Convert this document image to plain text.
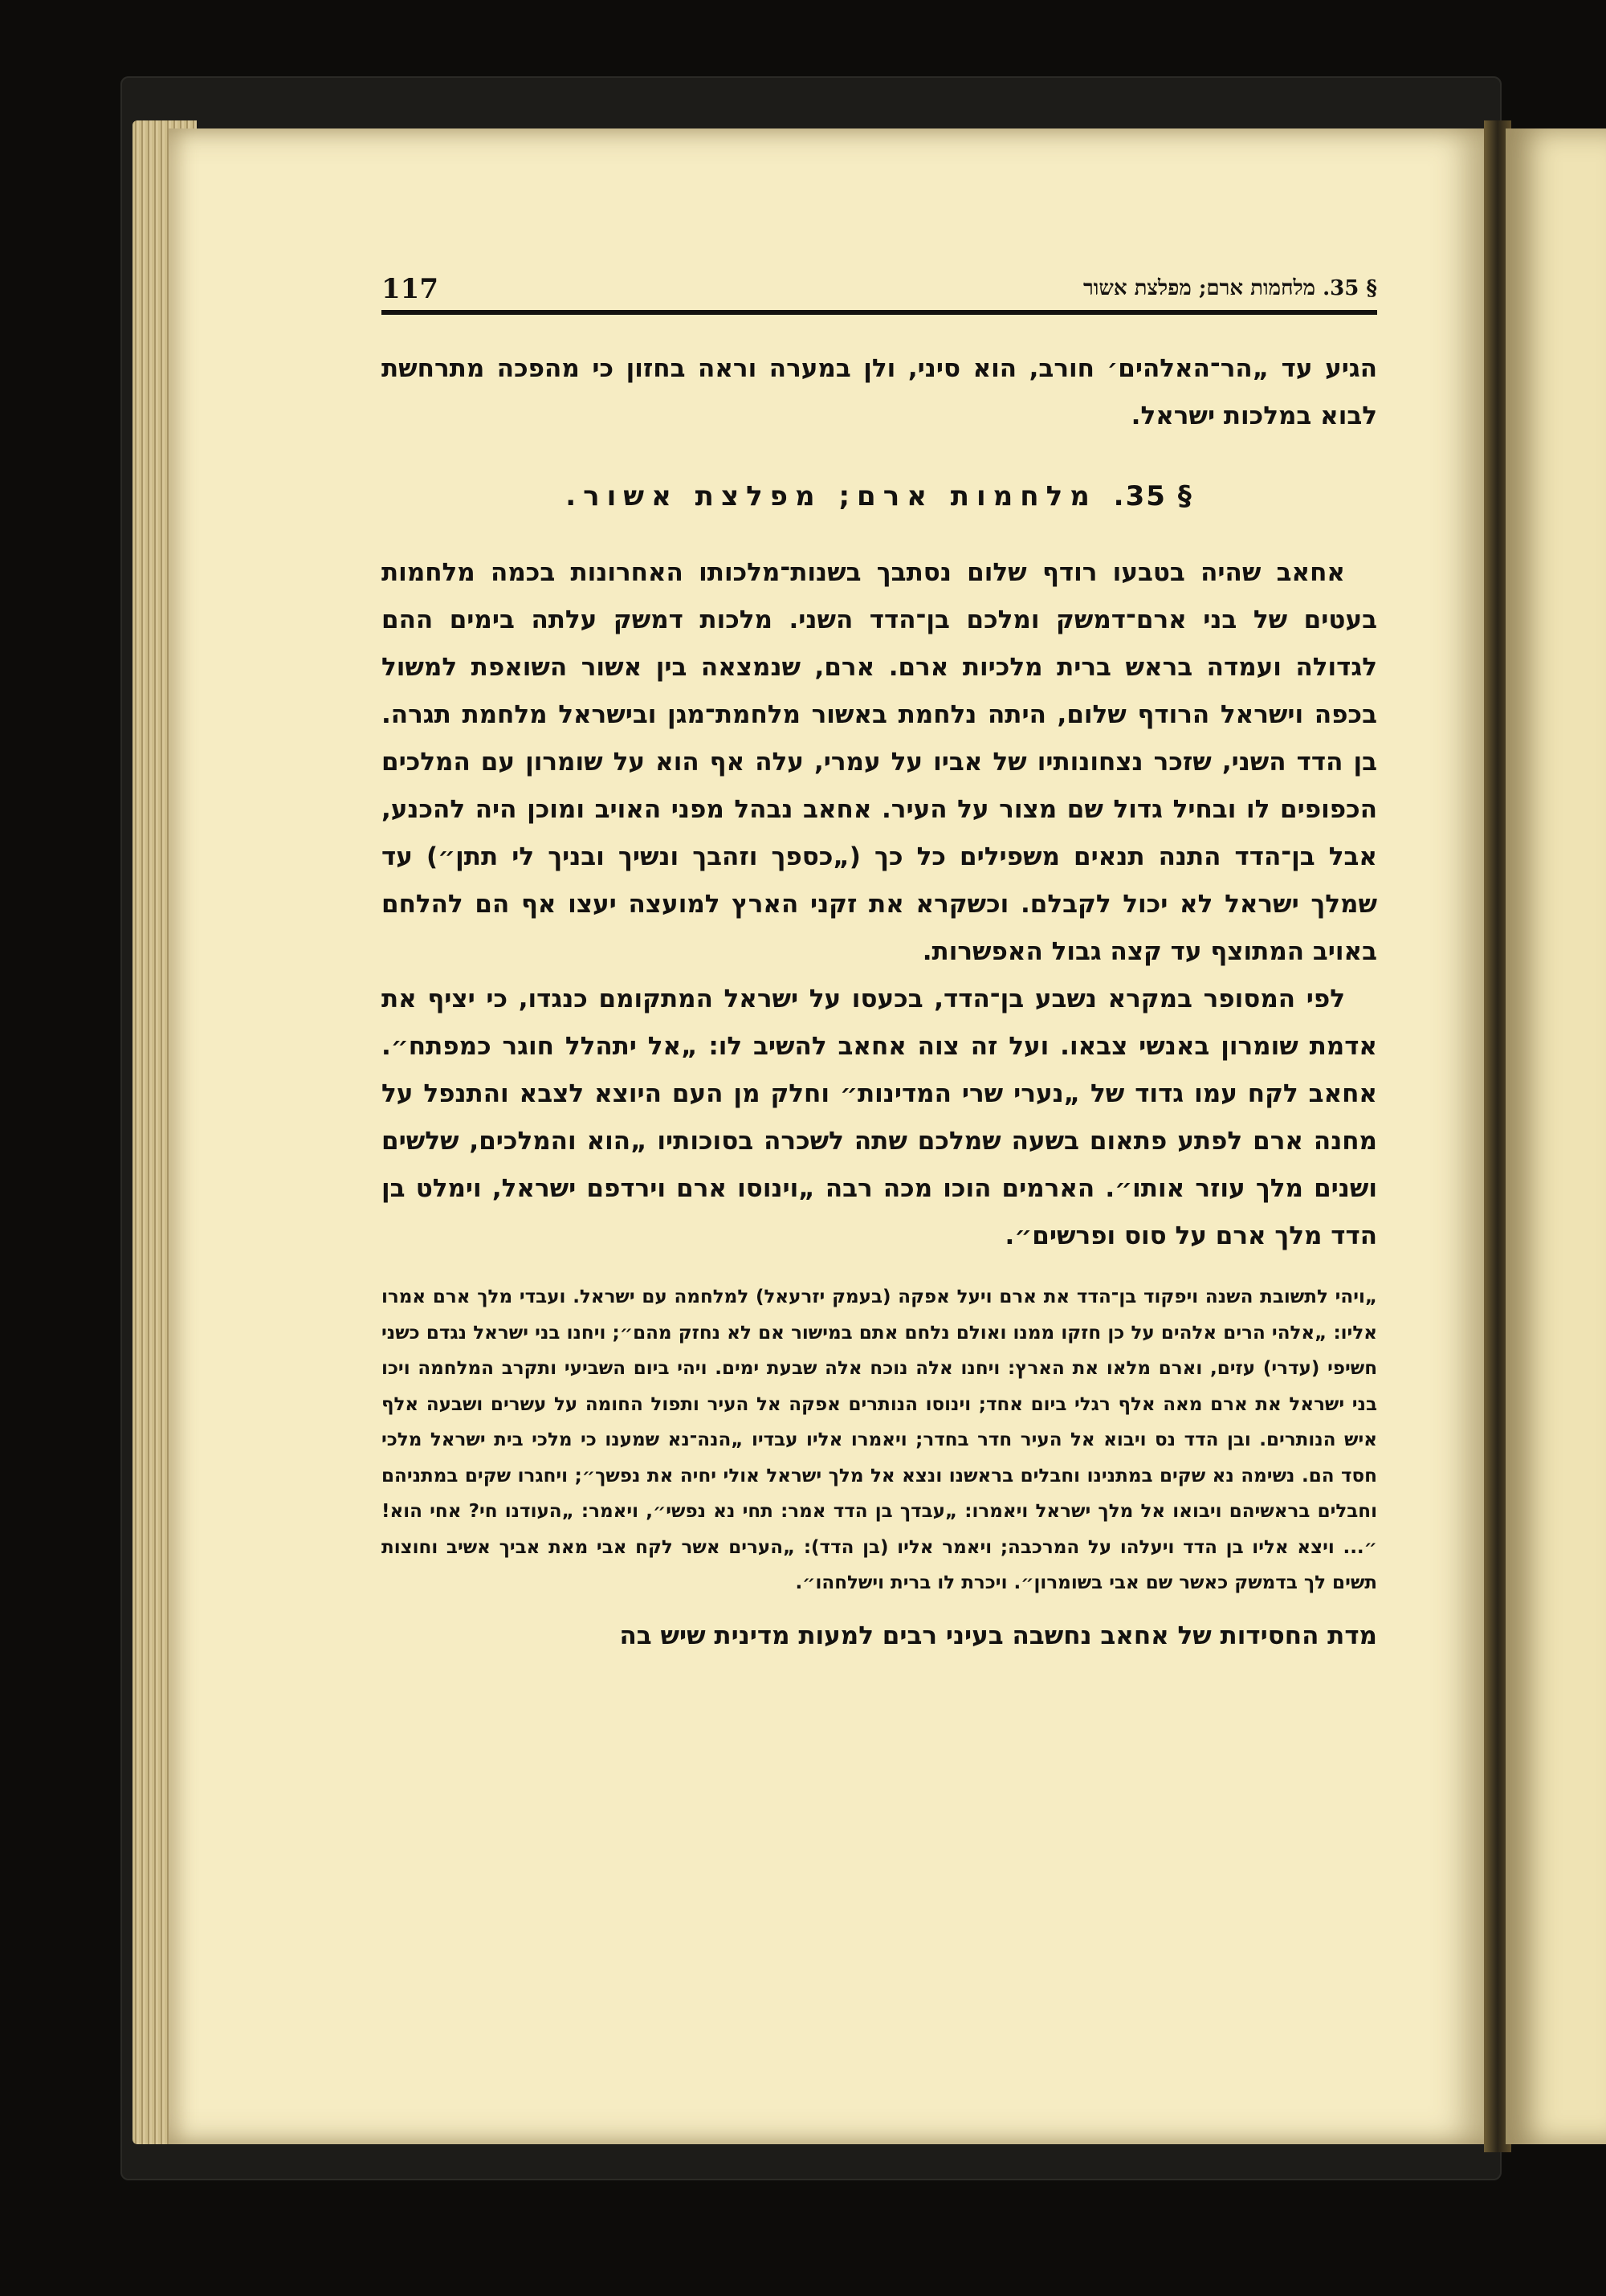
117	§ 35. מלחמות ארם; מפלצת אשור

הגיע עד „הר־האלהים׳ חורב, הוא סיני, ולן במערה וראה בחזון כי מהפכה מתרחשת לבוא במלכות ישראל.

§ 35. מלחמות ארם; מפלצת אשור.

אחאב שהיה בטבעו רודף שלום נסתבך בשנות־מלכותו האחרונות בכמה מלחמות בעטים של בני ארם־דמשק ומלכם בן־הדד השני. מלכות דמשק עלתה בימים ההם לגדולה ועמדה בראש ברית מלכיות ארם. ארם, שנמצאה בין אשור השואפת למשול בכפה וישראל הרודף שלום, היתה נלחמת באשור מלחמת־מגן ובישראל מלחמת תגרה. בן הדד השני, שזכר נצחונותיו של אביו על עמרי, עלה אף הוא על שומרון עם המלכים הכפופים לו ובחיל גדול שם מצור על העיר. אחאב נבהל מפני האויב ומוכן היה להכנע, אבל בן־הדד התנה תנאים משפילים כל כך („כספך וזהבך ונשיך ובניך לי תתן״) עד שמלך ישראל לא יכול לקבלם. וכשקרא את זקני הארץ למועצה יעצו אף הם להלחם באויב המתוצף עד קצה גבול האפשרות.

לפי המסופר במקרא נשבע בן־הדד, בכעסו על ישראל המתקומם כנגדו, כי יציף את אדמת שומרון באנשי צבאו. ועל זה צוה אחאב להשיב לו: „אל יתהלל חוגר כמפתח״. אחאב לקח עמו גדוד של „נערי שרי המדינות״ וחלק מן העם היוצא לצבא והתנפל על מחנה ארם לפתע פתאום בשעה שמלכם שתה לשכרה בסוכותיו „הוא והמלכים, שלשים ושנים מלך עוזר אותו״. הארמים הוכו מכה רבה „וינוסו ארם וירדפם ישראל, וימלט בן הדד מלך ארם על סוס ופרשים״.

„ויהי לתשובת השנה ויפקוד בן־הדד את ארם ויעל אפקה (בעמק יזרעאל) למלחמה עם ישראל. ועבדי מלך ארם אמרו אליו: „אלהי הרים אלהים על כן חזקו ממנו ואולם נלחם אתם במישור אם לא נחזק מהם״; ויחנו בני ישראל נגדם כשני חשיפי (עדרי) עזים, וארם מלאו את הארץ: ויחנו אלה נוכח אלה שבעת ימים. ויהי ביום השביעי ותקרב המלחמה ויכו בני ישראל את ארם מאה אלף רגלי ביום אחד; וינוסו הנותרים אפקה אל העיר ותפול החומה על עשרים ושבעה אלף איש הנותרים. ובן הדד נס ויבוא אל העיר חדר בחדר; ויאמרו אליו עבדיו „הנה־נא שמענו כי מלכי בית ישראל מלכי חסד הם. נשימה נא שקים במתנינו וחבלים בראשנו ונצא אל מלך ישראל אולי יחיה את נפשך״; ויחגרו שקים במתניהם וחבלים בראשיהם ויבואו אל מלך ישראל ויאמרו: „עבדך בן הדד אמר: תחי נא נפשי״, ויאמר: „העודנו חי? אחי הוא!״... ויצא אליו בן הדד ויעלהו על המרכבה; ויאמר אליו (בן הדד): „הערים אשר לקח אבי מאת אביך אשיב וחוצות תשים לך בדמשק כאשר שם אבי בשומרון״. ויכרת לו ברית וישלחהו״.

מדת החסידות של אחאב נחשבה בעיני רבים למעות מדינית שיש בה
